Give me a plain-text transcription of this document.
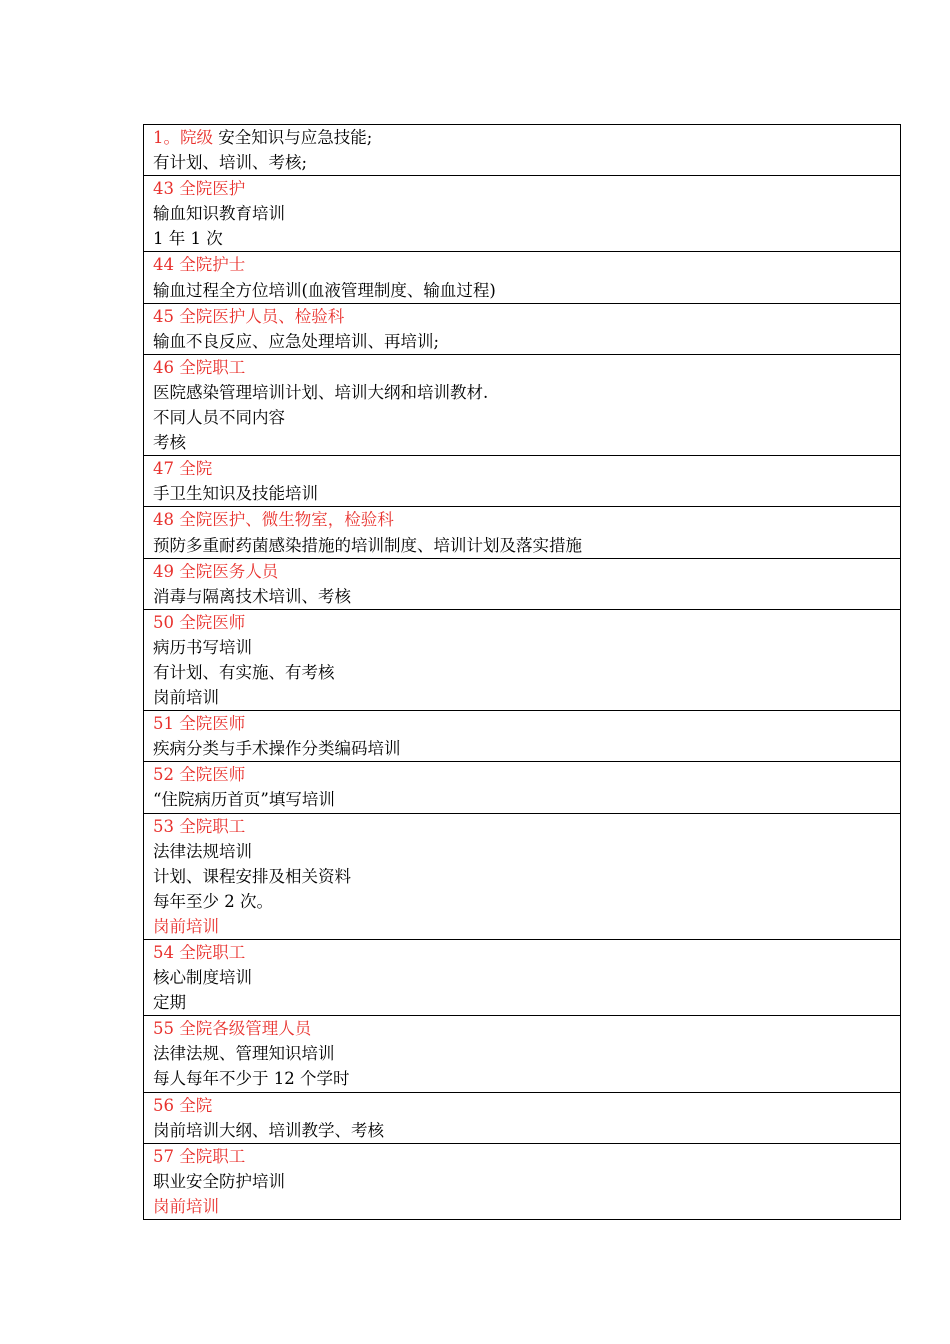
1。院级 安全知识与应急技能;
有计划、培训、考核;

43 全院医护
输血知识教育培训
1 年 1 次

44 全院护士
输血过程全方位培训(血液管理制度、输血过程)

45 全院医护人员、检验科
输血不良反应、应急处理培训、再培训;

46 全院职工
医院感染管理培训计划、培训大纲和培训教材.
不同人员不同内容
考核

47 全院
手卫生知识及技能培训

48 全院医护、微生物室，检验科
预防多重耐药菌感染措施的培训制度、培训计划及落实措施

49 全院医务人员
消毒与隔离技术培训、考核

50 全院医师
病历书写培训
有计划、有实施、有考核
岗前培训

51 全院医师
疾病分类与手术操作分类编码培训

52 全院医师
“住院病历首页”填写培训

53 全院职工
法律法规培训
计划、课程安排及相关资料
每年至少 2 次。
岗前培训

54 全院职工
核心制度培训
定期

55 全院各级管理人员
法律法规、管理知识培训
每人每年不少于 12 个学时

56 全院
岗前培训大纲、培训教学、考核

57 全院职工
职业安全防护培训
岗前培训
